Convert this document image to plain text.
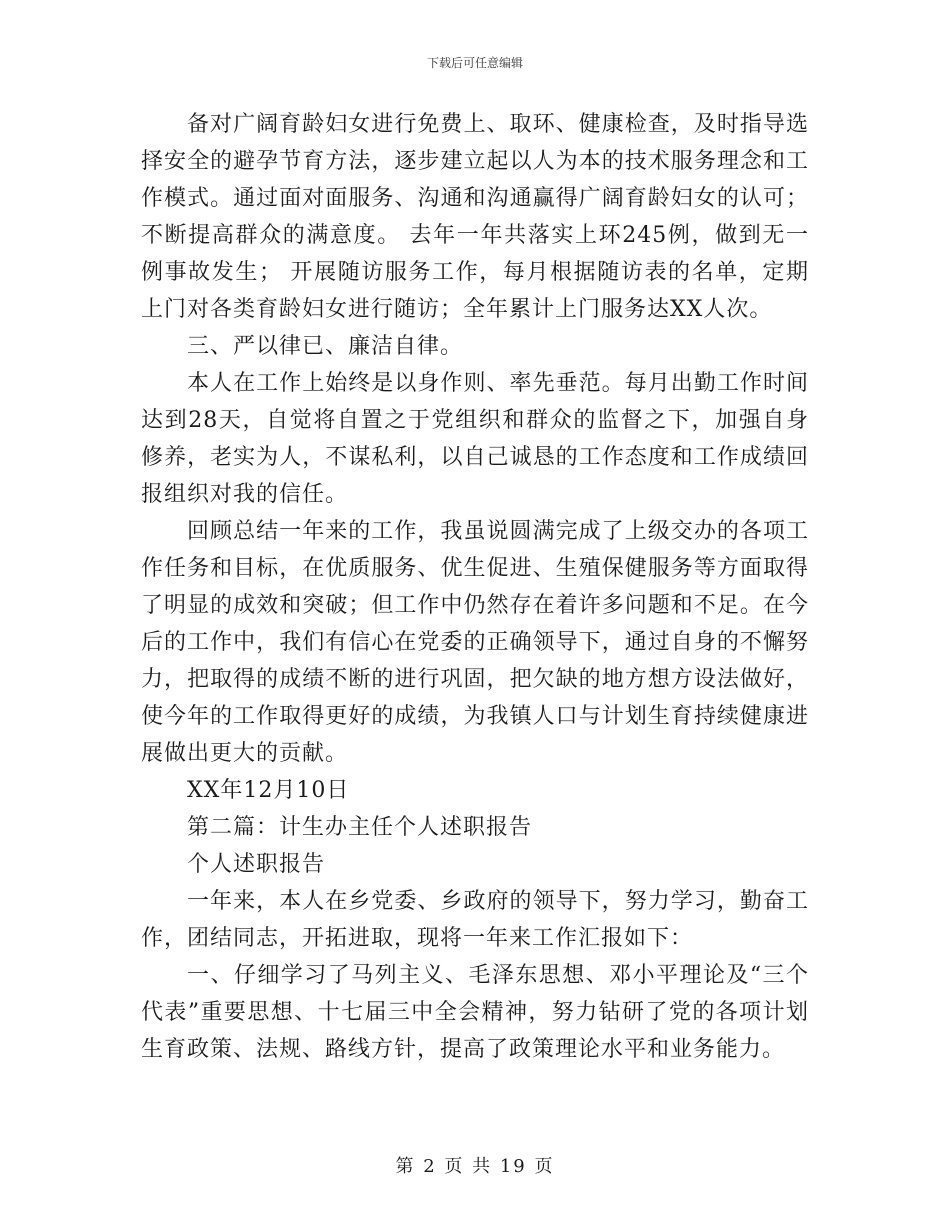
下载后可任意编辑

备对广阔育龄妇女进行免费上、取环、健康检查，及时指导选择安全的避孕节育方法，逐步建立起以人为本的技术服务理念和工作模式。通过面对面服务、沟通和沟通赢得广阔育龄妇女的认可；不断提高群众的满意度。 去年一年共落实上环245例，做到无一例事故发生； 开展随访服务工作，每月根据随访表的名单，定期上门对各类育龄妇女进行随访；全年累计上门服务达XX人次。

三、严以律已、廉洁自律。

本人在工作上始终是以身作则、率先垂范。每月出勤工作时间达到28天，自觉将自置之于党组织和群众的监督之下，加强自身修养，老实为人，不谋私利，以自己诚恳的工作态度和工作成绩回报组织对我的信任。

回顾总结一年来的工作，我虽说圆满完成了上级交办的各项工作任务和目标，在优质服务、优生促进、生殖保健服务等方面取得了明显的成效和突破；但工作中仍然存在着许多问题和不足。在今后的工作中，我们有信心在党委的正确领导下，通过自身的不懈努力，把取得的成绩不断的进行巩固，把欠缺的地方想方设法做好，使今年的工作取得更好的成绩，为我镇人口与计划生育持续健康进展做出更大的贡献。

XX年12月10日

第二篇：计生办主任个人述职报告

个人述职报告

一年来，本人在乡党委、乡政府的领导下，努力学习，勤奋工作，团结同志，开拓进取，现将一年来工作汇报如下：

一、仔细学习了马列主义、毛泽东思想、邓小平理论及“三个代表”重要思想、十七届三中全会精神，努力钻研了党的各项计划生育政策、法规、路线方针，提高了政策理论水平和业务能力。

第 2 页 共 19 页
